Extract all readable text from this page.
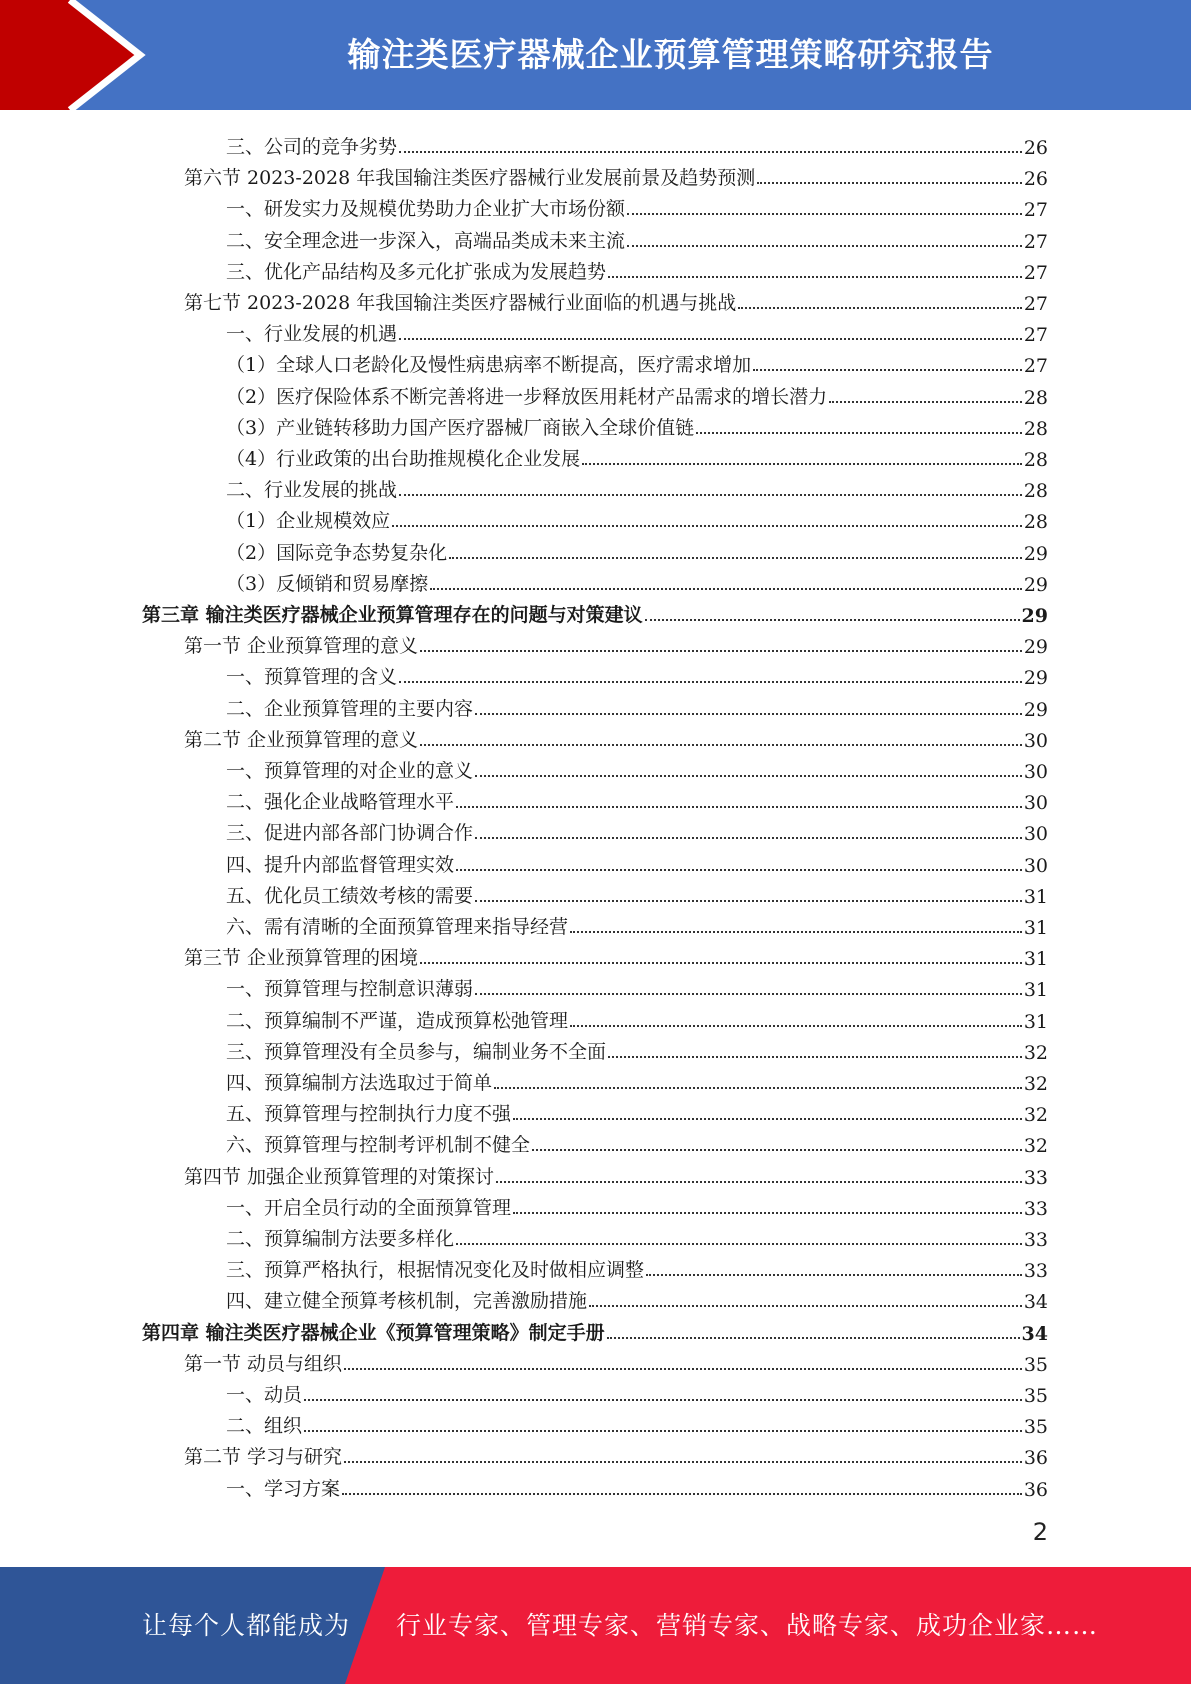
输注类医疗器械企业预算管理策略研究报告
三、公司的竞争劣势	26
第六节 2023-2028 年我国输注类医疗器械行业发展前景及趋势预测	26
一、研发实力及规模优势助力企业扩大市场份额	27
二、安全理念进一步深入，高端品类成未来主流	27
三、优化产品结构及多元化扩张成为发展趋势	27
第七节 2023-2028 年我国输注类医疗器械行业面临的机遇与挑战	27
一、行业发展的机遇	27
（1）全球人口老龄化及慢性病患病率不断提高，医疗需求增加	27
（2）医疗保险体系不断完善将进一步释放医用耗材产品需求的增长潜力	28
（3）产业链转移助力国产医疗器械厂商嵌入全球价值链	28
（4）行业政策的出台助推规模化企业发展	28
二、行业发展的挑战	28
（1）企业规模效应	28
（2）国际竞争态势复杂化	29
（3）反倾销和贸易摩擦	29
第三章 输注类医疗器械企业预算管理存在的问题与对策建议	29
第一节 企业预算管理的意义	29
一、预算管理的含义	29
二、企业预算管理的主要内容	29
第二节 企业预算管理的意义	30
一、预算管理的对企业的意义	30
二、强化企业战略管理水平	30
三、促进内部各部门协调合作	30
四、提升内部监督管理实效	30
五、优化员工绩效考核的需要	31
六、需有清晰的全面预算管理来指导经营	31
第三节 企业预算管理的困境	31
一、预算管理与控制意识薄弱	31
二、预算编制不严谨，造成预算松弛管理	31
三、预算管理没有全员参与，编制业务不全面	32
四、预算编制方法选取过于简单	32
五、预算管理与控制执行力度不强	32
六、预算管理与控制考评机制不健全	32
第四节 加强企业预算管理的对策探讨	33
一、开启全员行动的全面预算管理	33
二、预算编制方法要多样化	33
三、预算严格执行，根据情况变化及时做相应调整	33
四、建立健全预算考核机制，完善激励措施	34
第四章 输注类医疗器械企业《预算管理策略》制定手册	34
第一节 动员与组织	35
一、动员	35
二、组织	35
第二节 学习与研究	36
一、学习方案	36
2
让每个人都能成为 行业专家、管理专家、营销专家、战略专家、成功企业家……
